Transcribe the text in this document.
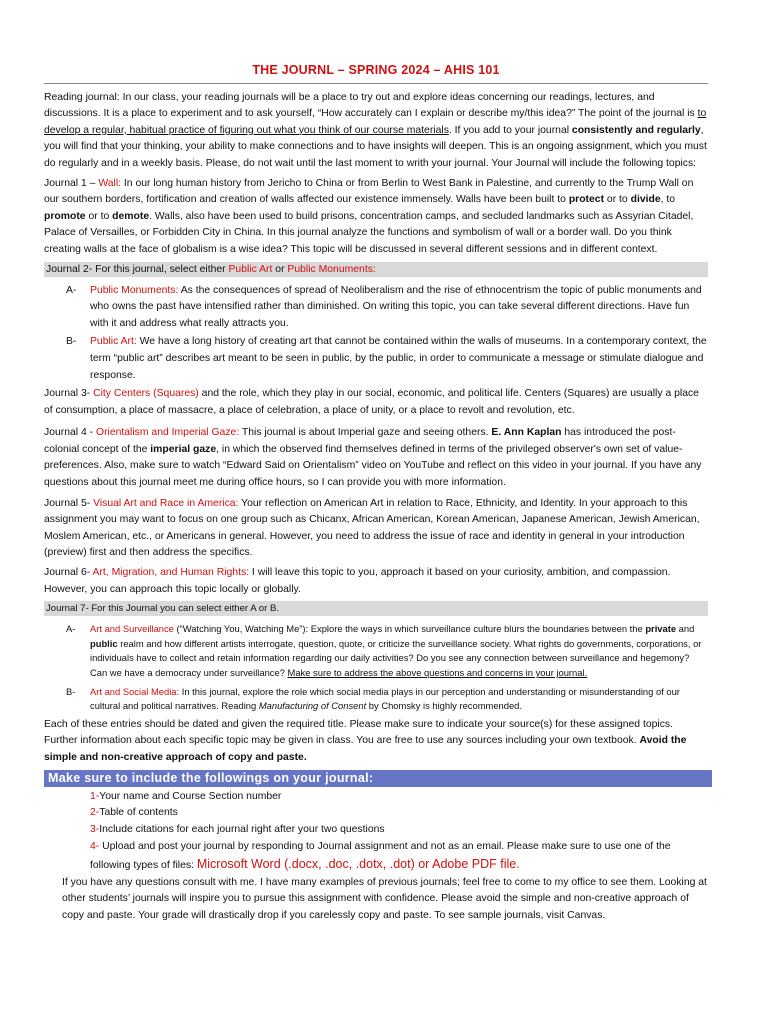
THE JOURNL – SPRING 2024 – AHIS 101

Reading journal: In our class, your reading journals will be a place to try out and explore ideas concerning our readings, lectures, and discussions. It is a place to experiment and to ask yourself, “How accurately can I explain or describe my/this idea?” The point of the journal is to develop a regular, habitual practice of figuring out what you think of our course materials. If you add to your journal consistently and regularly, you will find that your thinking, your ability to make connections and to have insights will deepen. This is an ongoing assignment, which you must do regularly and in a weekly basis. Please, do not wait until the last moment to writh your journal. Your Journal will include the following topics:

Journal 1 – Wall: In our long human history from Jericho to China or from Berlin to West Bank in Palestine, and currently to the Trump Wall on our southern borders, fortification and creation of walls affected our existence immensely. Walls have been built to protect or to divide, to promote or to demote. Walls, also have been used to build prisons, concentration camps, and secluded landmarks such as Assyrian Citadel, Palace of Versailles, or Forbidden City in China. In this journal analyze the functions and symbolism of wall or a border wall. Do you think creating walls at the face of globalism is a wise idea? This topic will be discussed in several different sessions and in different context.

Journal 2- For this journal, select either Public Art or Public Monuments:
A-	Public Monuments: As the consequences of spread of Neoliberalism and the rise of ethnocentrism the topic of public monuments and who owns the past have intensified rather than diminished. On writing this topic, you can take several different directions. Have fun with it and address what really attracts you.
B-	Public Art: We have a long history of creating art that cannot be contained within the walls of museums. In a contemporary context, the term “public art” describes art meant to be seen in public, by the public, in order to communicate a message or stimulate dialogue and response.

Journal 3- City Centers (Squares) and the role, which they play in our social, economic, and political life. Centers (Squares) are usually a place of consumption, a place of massacre, a place of celebration, a place of unity, or a place to revolt and revolution, etc.

Journal 4 - Orientalism and Imperial Gaze: This journal is about Imperial gaze and seeing others. E. Ann Kaplan has introduced the post-colonial concept of the imperial gaze, in which the observed find themselves defined in terms of the privileged observer's own set of value-preferences. Also, make sure to watch “Edward Said on Orientalism” video on YouTube and reflect on this video in your journal. If you have any questions about this journal meet me during office hours, so I can provide you with more information.

Journal 5- Visual Art and Race in America: Your reflection on American Art in relation to Race, Ethnicity, and Identity. In your approach to this assignment you may want to focus on one group such as Chicanx, African American, Korean American, Japanese American, Jewish American, Moslem American, etc., or Americans in general. However, you need to address the issue of race and identity in general in your introduction (preview) first and then address the specifics.

Journal 6- Art, Migration, and Human Rights: I will leave this topic to you, approach it based on your curiosity, ambition, and compassion. However, you can approach this topic locally or globally.

Journal 7- For this Journal you can select either A or B.
A-	Art and Surveillance (“Watching You, Watching Me”): Explore the ways in which surveillance culture blurs the boundaries between the private and public realm and how different artists interrogate, question, quote, or criticize the surveillance society. What rights do governments, corporations, or individuals have to collect and retain information regarding our daily activities? Do you see any connection between surveillance and hegemony? Can we have a democracy under surveillance? Make sure to address the above questions and concerns in your journal.
B-	Art and Social Media: In this journal, explore the role which social media plays in our perception and understanding or misunderstanding of our cultural and political narratives. Reading Manufacturing of Consent by Chomsky is highly recommended.

Each of these entries should be dated and given the required title. Please make sure to indicate your source(s) for these assigned topics. Further information about each specific topic may be given in class. You are free to use any sources including your own textbook. Avoid the simple and non-creative approach of copy and paste.

Make sure to include the followings on your journal:
1-Your name and Course Section number
2-Table of contents
3-Include citations for each journal right after your two questions
4- Upload and post your journal by responding to Journal assignment and not as an email. Please make sure to use one of the following types of files: Microsoft Word (.docx, .doc, .dotx, .dot) or Adobe PDF file.

If you have any questions consult with me. I have many examples of previous journals; feel free to come to my office to see them. Looking at other students’ journals will inspire you to pursue this assignment with confidence. Please avoid the simple and non-creative approach of copy and paste. Your grade will drastically drop if you carelessly copy and paste. To see sample journals, visit Canvas.
